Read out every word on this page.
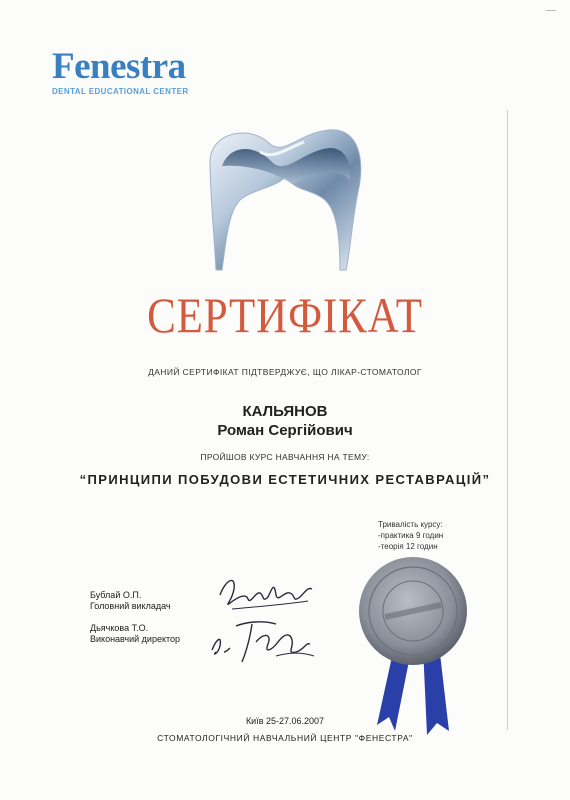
Fenestra
DENTAL EDUCATIONAL CENTER
СЕРТИФІКАТ
ДАНИЙ СЕРТИФІКАТ ПІДТВЕРДЖУЄ, ЩО ЛІКАР-СТОМАТОЛОГ
КАЛЬЯНОВ
Роман Сергійович
ПРОЙШОВ КУРС НАВЧАННЯ НА ТЕМУ:
“ПРИНЦИПИ ПОБУДОВИ ЕСТЕТИЧНИХ РЕСТАВРАЦІЙ”
Тривалість курсу:
-практика 9 годин
-теорія 12 годин
Бублай О.П.
Головний викладач
Дьячкова Т.О.
Виконавчий директор
Київ 25-27.06.2007
СТОМАТОЛОГІЧНИЙ НАВЧАЛЬНИЙ ЦЕНТР "ФЕНЕСТРА"
